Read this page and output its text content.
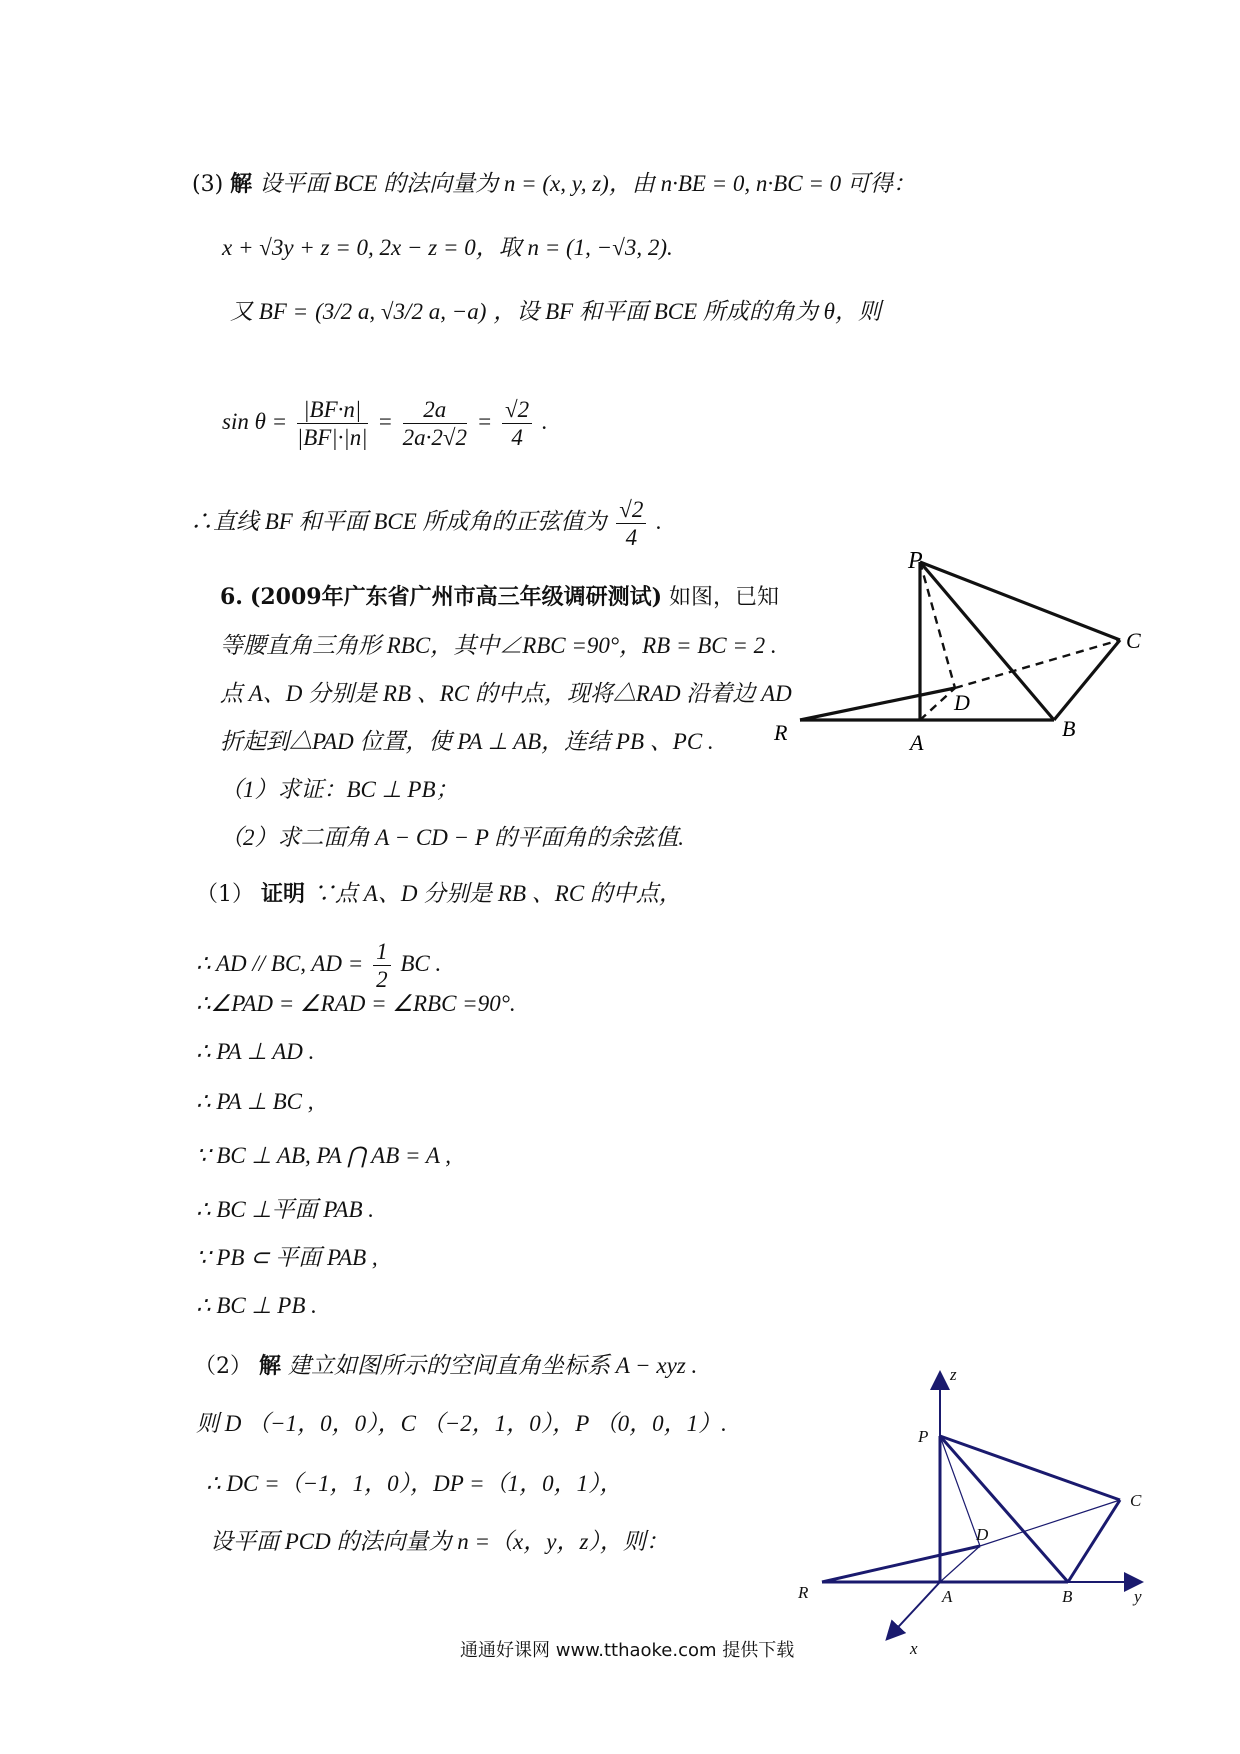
(3) 解 设平面 BCE 的法向量为 n = (x, y, z)，由 n·BE = 0, n·BC = 0 可得：
x + √3y + z = 0, 2x − z = 0，取 n = (1, −√3, 2).
又 BF = (3/2 a, √3/2 a, −a) ，设 BF 和平面 BCE 所成的角为 θ，则
$\sin \theta = \frac{|BF\cdot n|}{|BF|\cdot|n|} = \frac{2a}{2a\cdot 2√2} = \frac{√2}{4}$ .
∴直线 BF 和平面 BCE 所成角的正弦值为 $\frac{√2}{4}$ .
6. (2009年广东省广州市高三年级调研测试) 如图，已知
等腰直角三角形 RBC，其中∠RBC =90°，RB = BC = 2 .
点 A、D 分别是 RB 、RC 的中点，现将△RAD 沿着边 AD
折起到△PAD 位置，使 PA ⊥ AB，连结 PB 、PC .
（1）求证：BC ⊥ PB；
（2）求二面角 A − CD − P 的平面角的余弦值.
P
C
D
R	A
B
（1） 证明 ∵点 A、D 分别是 RB 、RC 的中点，
∴ AD // BC, AD = $\frac{1}{2}$ BC .
∴∠PAD = ∠RAD = ∠RBC =90°.
∴ PA ⊥ AD .
∴ PA ⊥ BC ,
∵ BC ⊥ AB, PA ⋂ AB = A ,
∴ BC ⊥平面 PAB .
∵ PB ⊂ 平面 PAB ,
∴ BC ⊥ PB .
（2） 解 建立如图所示的空间直角坐标系 A − xyz .
则 D （−1，0，0），C （−2，1，0），P （0，0，1）.
∴ DC =（−1，1，0），DP =（1，0，1），
设平面 PCD 的法向量为 n =（x，y，z），则：
z
P
C
D
R	A	B	y
x
通通好课网 www.tthaoke.com 提供下载
